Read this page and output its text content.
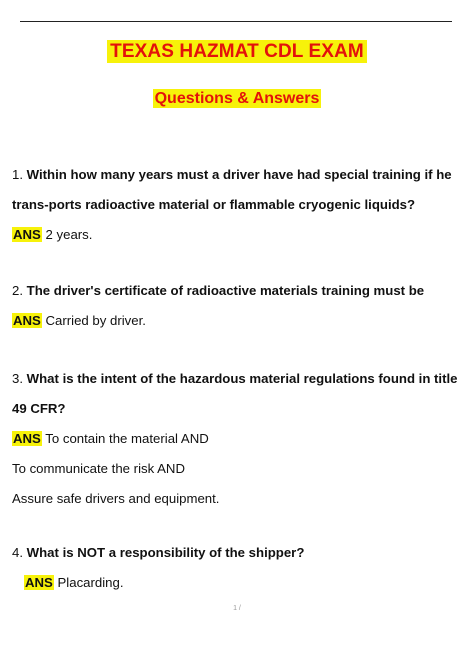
TEXAS HAZMAT CDL EXAM
Questions & Answers
1. Within how many years must a driver have had special training if he trans-ports radioactive material or flammable cryogenic liquids?
ANS 2 years.
2. The driver's certificate of radioactive materials training must be
ANS Carried by driver.
3. What is the intent of the hazardous material regulations found in title 49 CFR?
ANS To contain the material AND
To communicate the risk AND
Assure safe drivers and equipment.
4. What is NOT a responsibility of the shipper?
ANS Placarding.
1 /
